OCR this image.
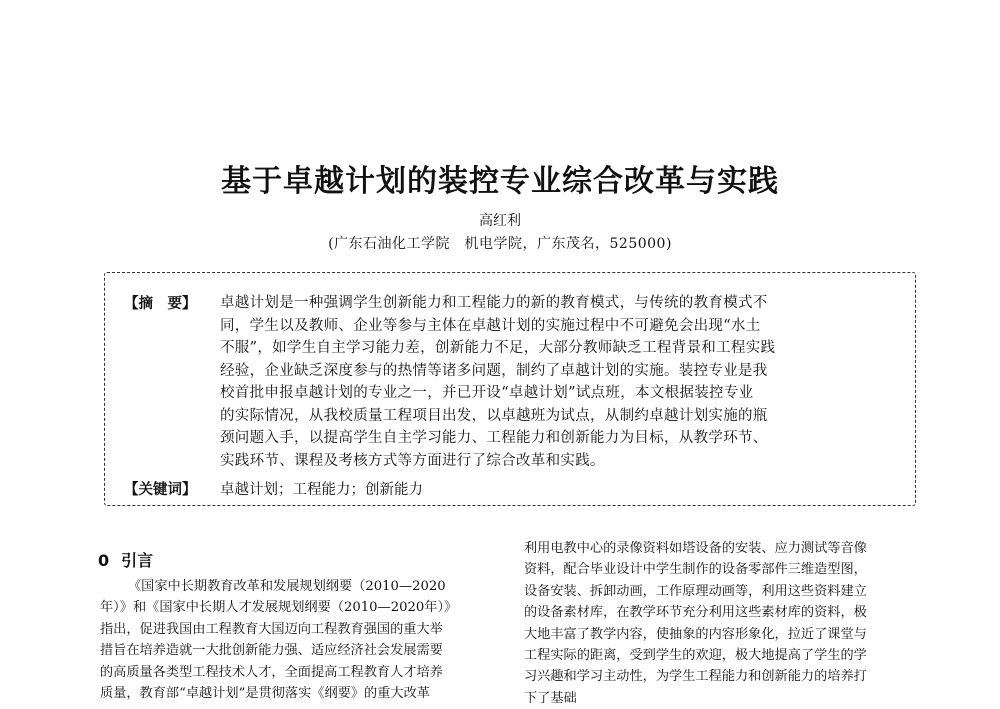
基于卓越计划的装控专业综合改革与实践
高红利
(广东石油化工学院　机电学院，广东茂名，525000)
【摘　要】 卓越计划是一种强调学生创新能力和工程能力的新的教育模式，与传统的教育模式不
同，学生以及教师、企业等参与主体在卓越计划的实施过程中不可避免会出现“水土
不服”，如学生自主学习能力差，创新能力不足，大部分教师缺乏工程背景和工程实践
经验，企业缺乏深度参与的热情等诸多问题，制约了卓越计划的实施。装控专业是我
校首批申报卓越计划的专业之一，并已开设“卓越计划”试点班，本文根据装控专业
的实际情况，从我校质量工程项目出发，以卓越班为试点，从制约卓越计划实施的瓶
颈问题入手，以提高学生自主学习能力、工程能力和创新能力为目标，从教学环节、
实践环节、课程及考核方式等方面进行了综合改革和实践。
【关键词】 卓越计划；工程能力；创新能力
0 引言
《国家中长期教育改革和发展规划纲要（2010—2020
年）》和《国家中长期人才发展规划纲要（2010—2020年）》
指出，促进我国由工程教育大国迈向工程教育强国的重大举
措旨在培养造就一大批创新能力强、适应经济社会发展需要
的高质量各类型工程技术人才，全面提高工程教育人才培养
质量，教育部“卓越计划”是贯彻落实《纲要》的重大改革
利用电教中心的录像资料如塔设备的安装、应力测试等音像
资料，配合毕业设计中学生制作的设备零部件三维造型图，
设备安装、拆卸动画，工作原理动画等，利用这些资料建立
的设备素材库，在教学环节充分利用这些素材库的资料，极
大地丰富了教学内容，使抽象的内容形象化，拉近了课堂与
工程实际的距离，受到学生的欢迎，极大地提高了学生的学
习兴趣和学习主动性，为学生工程能力和创新能力的培养打
下了基础
